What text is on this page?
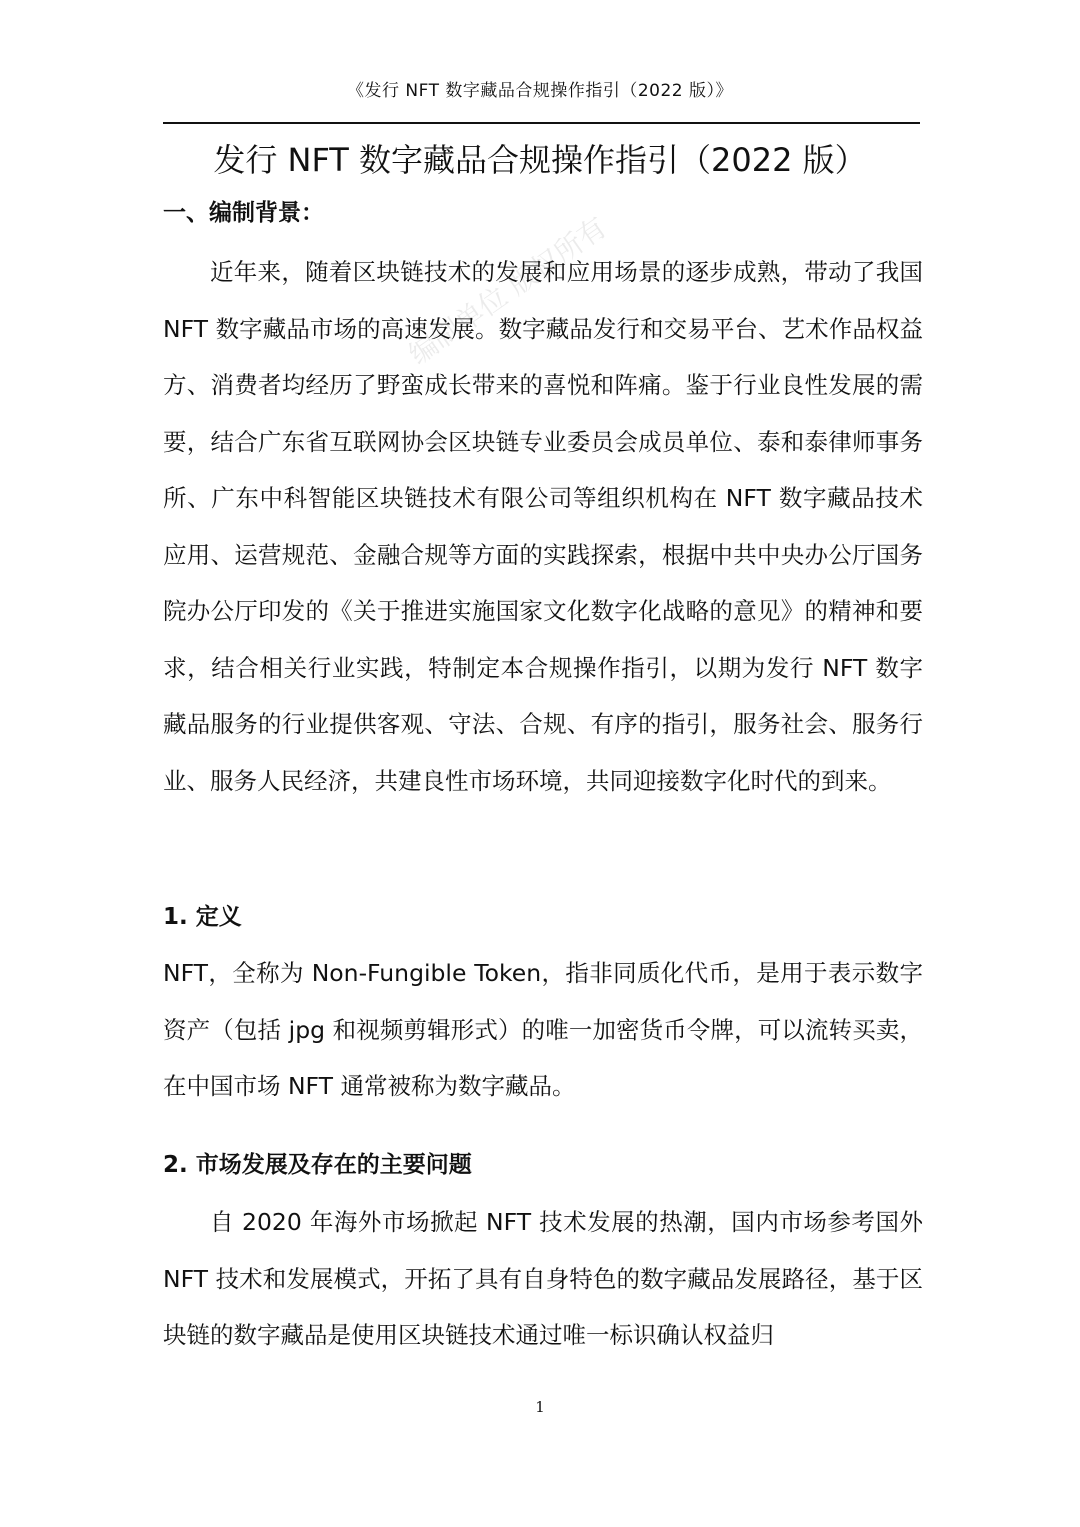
《发行 NFT 数字藏品合规操作指引（2022 版）》
发行 NFT 数字藏品合规操作指引（2022 版）
一、编制背景：
近年来，随着区块链技术的发展和应用场景的逐步成熟，带动了我国 NFT 数字藏品市场的高速发展。数字藏品发行和交易平台、艺术作品权益方、消费者均经历了野蛮成长带来的喜悦和阵痛。鉴于行业良性发展的需要，结合广东省互联网协会区块链专业委员会成员单位、泰和泰律师事务所、广东中科智能区块链技术有限公司等组织机构在 NFT 数字藏品技术应用、运营规范、金融合规等方面的实践探索，根据中共中央办公厅国务院办公厅印发的《关于推进实施国家文化数字化战略的意见》的精神和要求，结合相关行业实践，特制定本合规操作指引，以期为发行 NFT 数字藏品服务的行业提供客观、守法、合规、有序的指引，服务社会、服务行业、服务人民经济，共建良性市场环境，共同迎接数字化时代的到来。
1. 定义
NFT，全称为 Non-Fungible Token，指非同质化代币，是用于表示数字资产（包括 jpg 和视频剪辑形式）的唯一加密货币令牌，可以流转买卖，在中国市场 NFT 通常被称为数字藏品。
2. 市场发展及存在的主要问题
自 2020 年海外市场掀起 NFT 技术发展的热潮，国内市场参考国外 NFT 技术和发展模式，开拓了具有自身特色的数字藏品发展路径，基于区块链的数字藏品是使用区块链技术通过唯一标识确认权益归
编制单位 版权所有
1
